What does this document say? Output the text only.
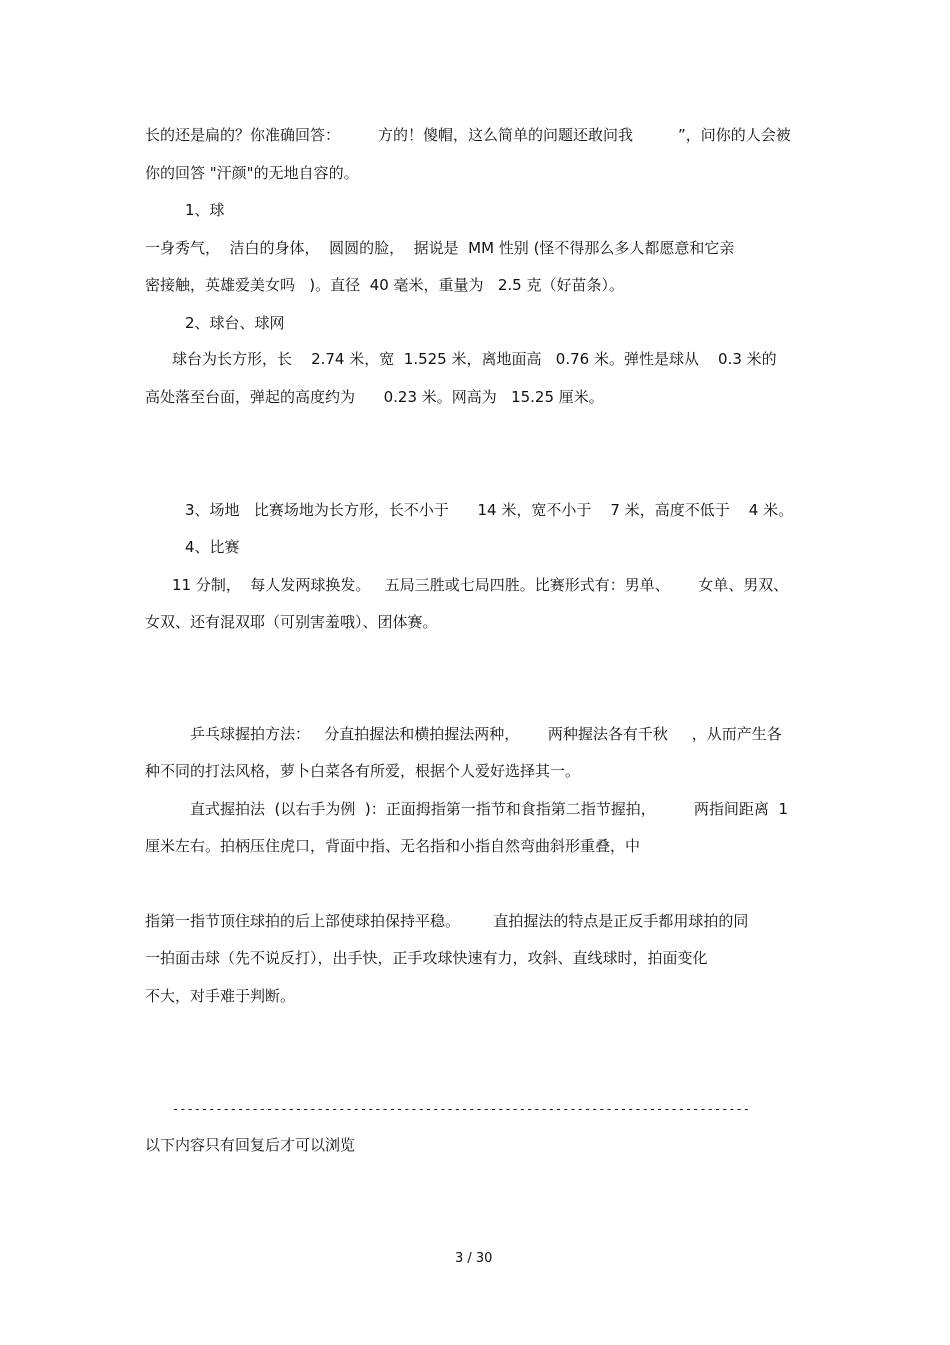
长的还是扁的？你准确回答：	方的！傻帽，这么简单的问题还敢问我	”，问你的人会被
你的回答 "汗颜"的无地自容的。
1、球
一身秀气，  洁白的身体，  圆圆的脸，  据说是  MM 性别 (怪不得那么多人都愿意和它亲
密接触，英雄爱美女吗   )。直径  40 毫米，重量为   2.5 克（好苗条）。
2、球台、球网
球台为长方形，长    2.74 米，宽  1.525 米，离地面高   0.76 米。弹性是球从    0.3 米的
高处落至台面，弹起的高度约为      0.23 米。网高为   15.25 厘米。
3、场地   比赛场地为长方形，长不小于      14 米，宽不小于    7 米，高度不低于    4 米。
4、比赛
11 分制，  每人发两球换发。   五局三胜或七局四胜。比赛形式有：男单、      女单、男双、
女双、还有混双耶（可别害羞哦）、团体赛。
乒乓球握拍方法：   分直拍握法和横拍握法两种，      两种握法各有千秋     ，从而产生各
种不同的打法风格，萝卜白菜各有所爱，根据个人爱好选择其一。
直式握拍法  (以右手为例  )：正面拇指第一指节和食指第二指节握拍，        两指间距离  1
厘米左右。拍柄压住虎口，背面中指、无名指和小指自然弯曲斜形重叠，中
指第一指节顶住球拍的后上部使球拍保持平稳。       直拍握法的特点是正反手都用球拍的同
一拍面击球（先不说反打），出手快，正手攻球快速有力，攻斜、直线球时，拍面变化
不大，对手难于判断。
--------------------------------------------------------------------------------
以下内容只有回复后才可以浏览
3 / 30
